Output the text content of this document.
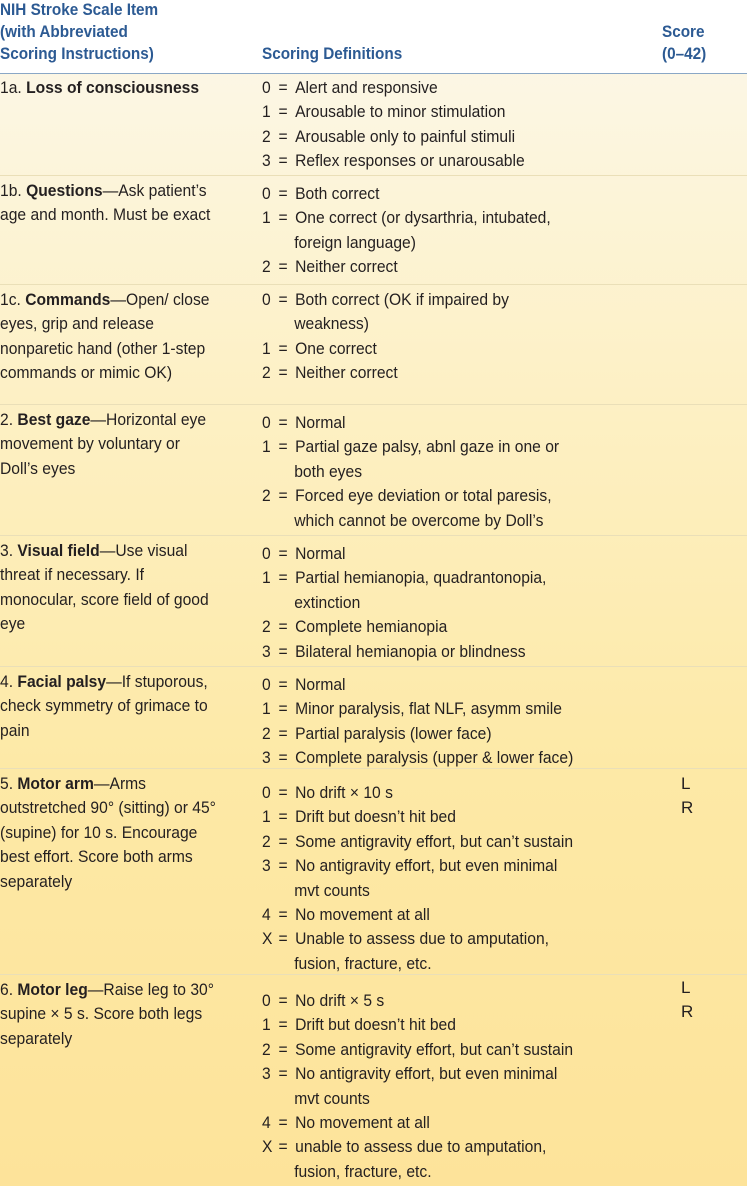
NIH Stroke Scale Item
(with Abbreviated
Scoring Instructions)	Scoring Definitions
Score
(0–42)
1a. Loss of consciousness	0 = Alert and responsive
1 = Arousable to minor stimulation
2 = Arousable only to painful stimuli
3 = Reflex responses or unarousable
1b. Questions—Ask patient’s age and month. Must be exact
0 = Both correct
1 = One correct (or dysarthria, intubated,
foreign language)
2 = Neither correct
1c. Commands—Open/ close eyes, grip and release nonparetic hand (other 1-step commands or mimic OK)
0 = Both correct (OK if impaired by
weakness)
1 = One correct
2 = Neither correct
2. Best gaze—Horizontal eye movement by voluntary or Doll’s eyes
0 = Normal
1 = Partial gaze palsy, abnl gaze in one or
both eyes
2 = Forced eye deviation or total paresis,
which cannot be overcome by Doll’s
3. Visual field—Use visual threat if necessary. If monocular, score field of good eye
0 = Normal
1 = Partial hemianopia, quadrantonopia,
extinction
2 = Complete hemianopia
3 = Bilateral hemianopia or blindness
4. Facial palsy—If stuporous, check symmetry of grimace to pain
0 = Normal
1 = Minor paralysis, flat NLF, asymm smile
2 = Partial paralysis (lower face)
3 = Complete paralysis (upper & lower face)
5. Motor arm—Arms outstretched 90° (sitting) or 45° (supine) for 10 s. Encourage best effort. Score both arms separately
0 = No drift × 10 s
1 = Drift but doesn’t hit bed
2 = Some antigravity effort, but can’t sustain
3 = No antigravity effort, but even minimal
mvt counts
4 = No movement at all
X = Unable to assess due to amputation,
fusion, fracture, etc.
L
R
6. Motor leg—Raise leg to 30° supine × 5 s. Score both legs separately
0 = No drift × 5 s
1 = Drift but doesn’t hit bed
2 = Some antigravity effort, but can’t sustain
3 = No antigravity effort, but even minimal
mvt counts
4 = No movement at all
X = unable to assess due to amputation,
fusion, fracture, etc.
L
R
